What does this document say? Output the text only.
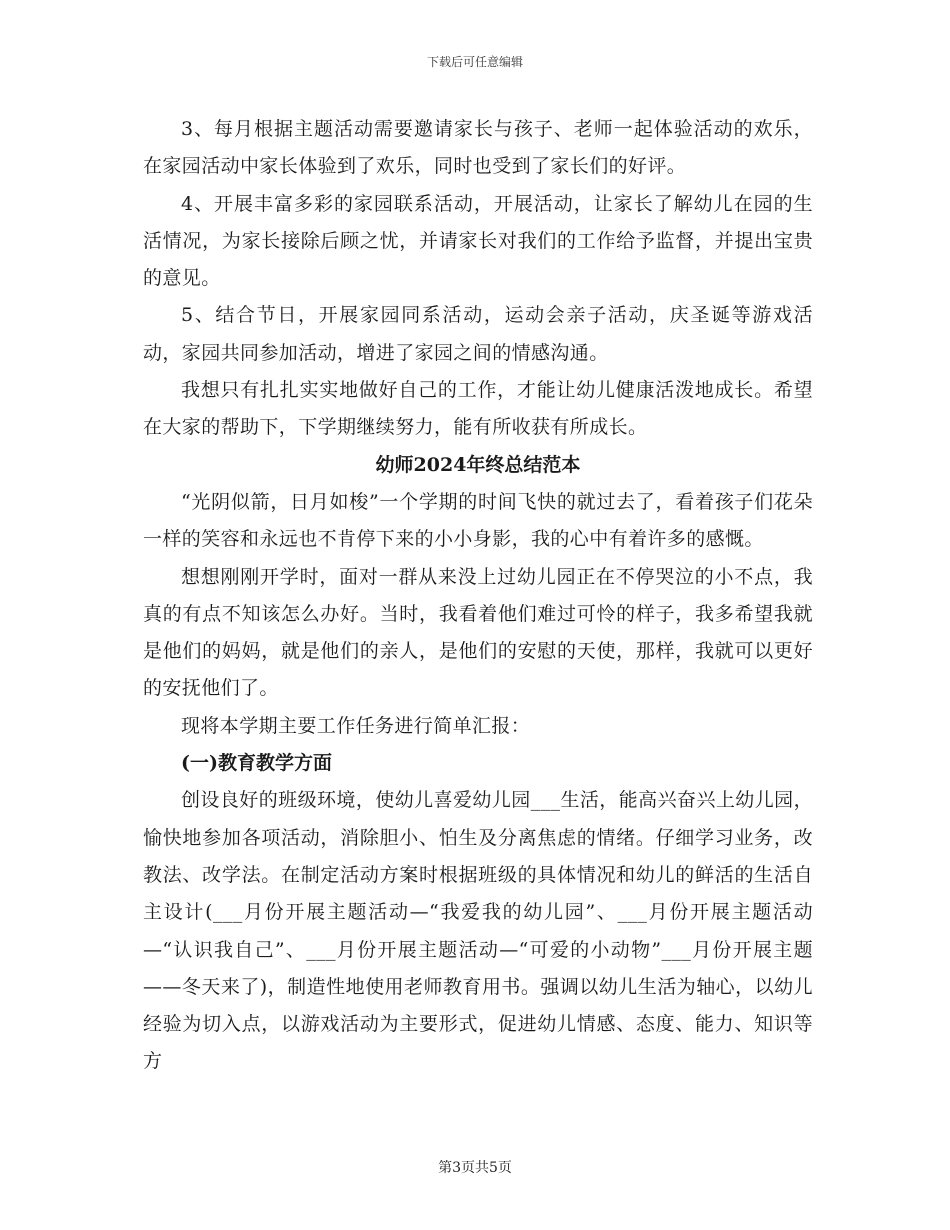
下载后可任意编辑

3、每月根据主题活动需要邀请家长与孩子、老师一起体验活动的欢乐，在家园活动中家长体验到了欢乐，同时也受到了家长们的好评。

4、开展丰富多彩的家园联系活动，开展活动，让家长了解幼儿在园的生活情况，为家长接除后顾之忧，并请家长对我们的工作给予监督，并提出宝贵的意见。

5、结合节日，开展家园同系活动，运动会亲子活动，庆圣诞等游戏活动，家园共同参加活动，增进了家园之间的情感沟通。

我想只有扎扎实实地做好自己的工作，才能让幼儿健康活泼地成长。希望在大家的帮助下，下学期继续努力，能有所收获有所成长。

幼师2024年终总结范本

“光阴似箭，日月如梭”一个学期的时间飞快的就过去了，看着孩子们花朵一样的笑容和永远也不肯停下来的小小身影，我的心中有着许多的感慨。

想想刚刚开学时，面对一群从来没上过幼儿园正在不停哭泣的小不点，我真的有点不知该怎么办好。当时，我看着他们难过可怜的样子，我多希望我就是他们的妈妈，就是他们的亲人，是他们的安慰的天使，那样，我就可以更好的安抚他们了。

现将本学期主要工作任务进行简单汇报：

(一)教育教学方面

创设良好的班级环境，使幼儿喜爱幼儿园___生活，能高兴奋兴上幼儿园，愉快地参加各项活动，消除胆小、怕生及分离焦虑的情绪。仔细学习业务，改教法、改学法。在制定活动方案时根据班级的具体情况和幼儿的鲜活的生活自主设计(___月份开展主题活动—“我爱我的幼儿园”、___月份开展主题活动—“认识我自己”、___月份开展主题活动—“可爱的小动物”___月份开展主题——冬天来了)，制造性地使用老师教育用书。强调以幼儿生活为轴心，以幼儿经验为切入点，以游戏活动为主要形式，促进幼儿情感、态度、能力、知识等方

第3页共5页
